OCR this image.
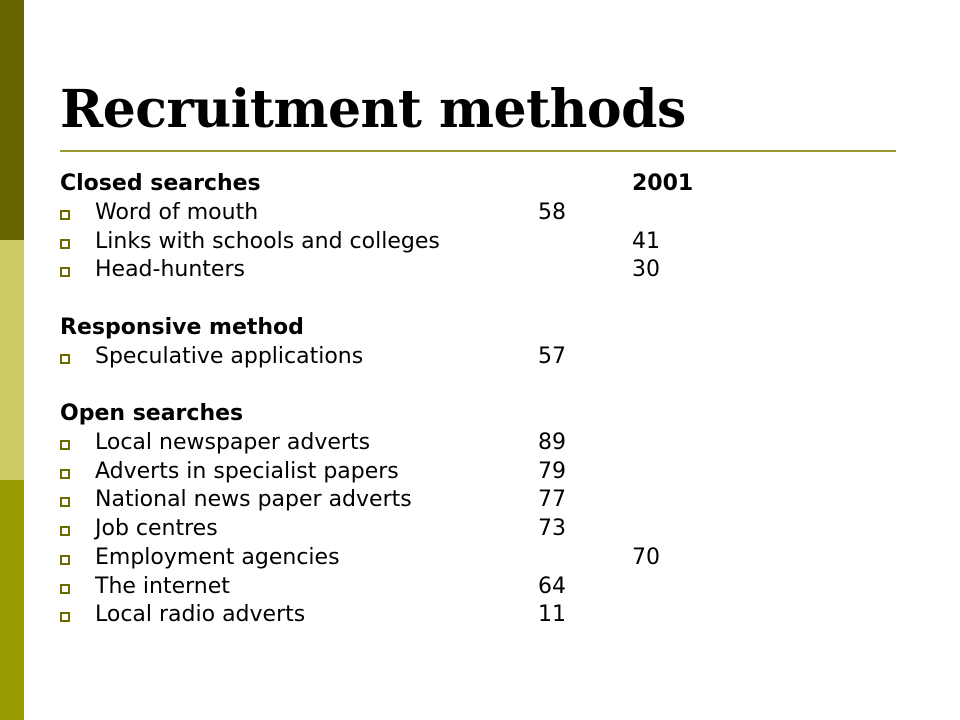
Recruitment methods
Closed searches	2001
Word of mouth	58
Links with schools and colleges	41
Head-hunters	30
Responsive method
Speculative applications	57
Open searches
Local newspaper adverts	89
Adverts in specialist papers	79
National news paper adverts	77
Job centres	73
Employment agencies	70
The internet	64
Local radio adverts	11
